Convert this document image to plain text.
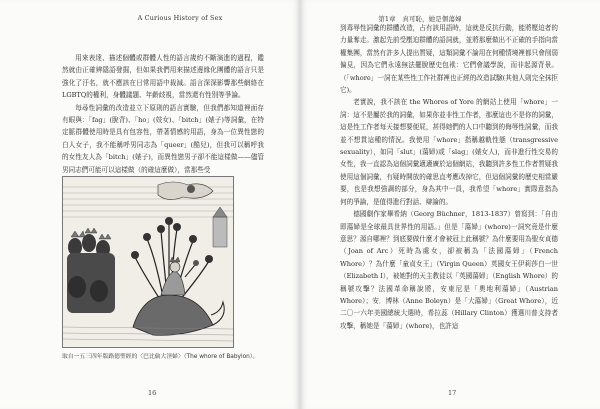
A Curious History of Sex

用來表達、描述個體或群體人性的語言歲約不斷演進的過程，鑑然就由正確辨隱語發掘，但如果我們用來描述邊緣化團體的語言只是強化了汙名，就不應該在日常用語中裁減。語言深深影響那些網絡在LGBTQ的權利，身體議題、年齡歧視，當然還有性別等爭論。

每尋性詞彙的改造並立下原則的語言實驗，但我們都知道裡面存有眼與：「fag」(脫背)、「ho」(妓女)、「bitch」(婊子)等詞彙，在特定脈群體使用時是具有包容性，帶著情感的用語，身為一位異性戀的白人女子，我不能稱呼男同志為「queer」(酷兒)，但我可以稱呼我的女性友人為「bitch」(婊子)，而異性戀男子卻不能這樣做——儘管男同志們可能可以這樣做（的確這麼做），當那些受

取自一五三四年版路德聖經的〈巴比倫大淫婦〉（The whore of Babylon）。
16
第1章　真可恥，她是個蕩婦

到毒辱性詞彙的群體改造，占有該用語時，這就是反抗行動，能將壓迫者的力量奪走。激起先前受壓迫群體的語詞就，並將那麼做出不正確的手指向當權集團，當然有許多人提出質疑，這類詞彙不論用在何種情境裡都只會削弱偏見，因為它們永遠無法擺脫歷史包袱：它們會議學說，而非起源背景。（「whore」一詞在某些性工作社群裡也正經的改造試驗(其他人則完全抹拒它)。

老實說，我不該在 the Whores of Yore 的網站上使用「whore」一詞：這不是屬於我的詞彙，如果你並非性工作者，那麼這也不是你的詞彙，這是性工作者每天接想要便屁，甚得她們的人口中聽到的侮辱性詞彙，而我並不想貫這種的情況。我使用「whore」指稱越軌性態（transgressive sexuality），如同「slut」(蕩婦)或「slag」(婊女人)，而非進行性交易的女性，我一直認為這個詞彙適適廣於這個網站，我聽到許多性工作者質疑我使用這個詞彙，有疑時開放的確思直考應改掉它，但這個詞彙的歷史相當嚴要，也是我想強調的部分，身為其中一員，我希望「whore」實際意指為何的爭論，是值得進行對話、辯論的。

德國劇作家畢希納（Georg Büchner，1813-1837）曾寫到：「自由即蕩婦是全球最具世界性的用語。」但是「蕩婦」(whore)一詞究竟是什麼意思？源自哪裡？到底要做什麼才會被冠上此稱號？為什麼要用為聖女貞德（Joan of Arc）死時為處女，卻被稱為「法國蕩婦」（French Whore）？為什麼「童貞女王」（Virgin Queen）英國女王伊莉莎白一世（Elizabeth I），被她對的天主教徒以「英國蕩婦」（English Whore）的稱號攻擊？法國革命稱說將，安東尼是「奧地利蕩婦」（Austrian Whore）；安．博林（Anne Boleyn）是「大蕩婦」（Great Whore），近二〇一六年美國總統大選時，希拉蕊（Hillary Clinton）獲選川普支持者攻擊，稱她是「蕩婦」(whore)，也許這

17
